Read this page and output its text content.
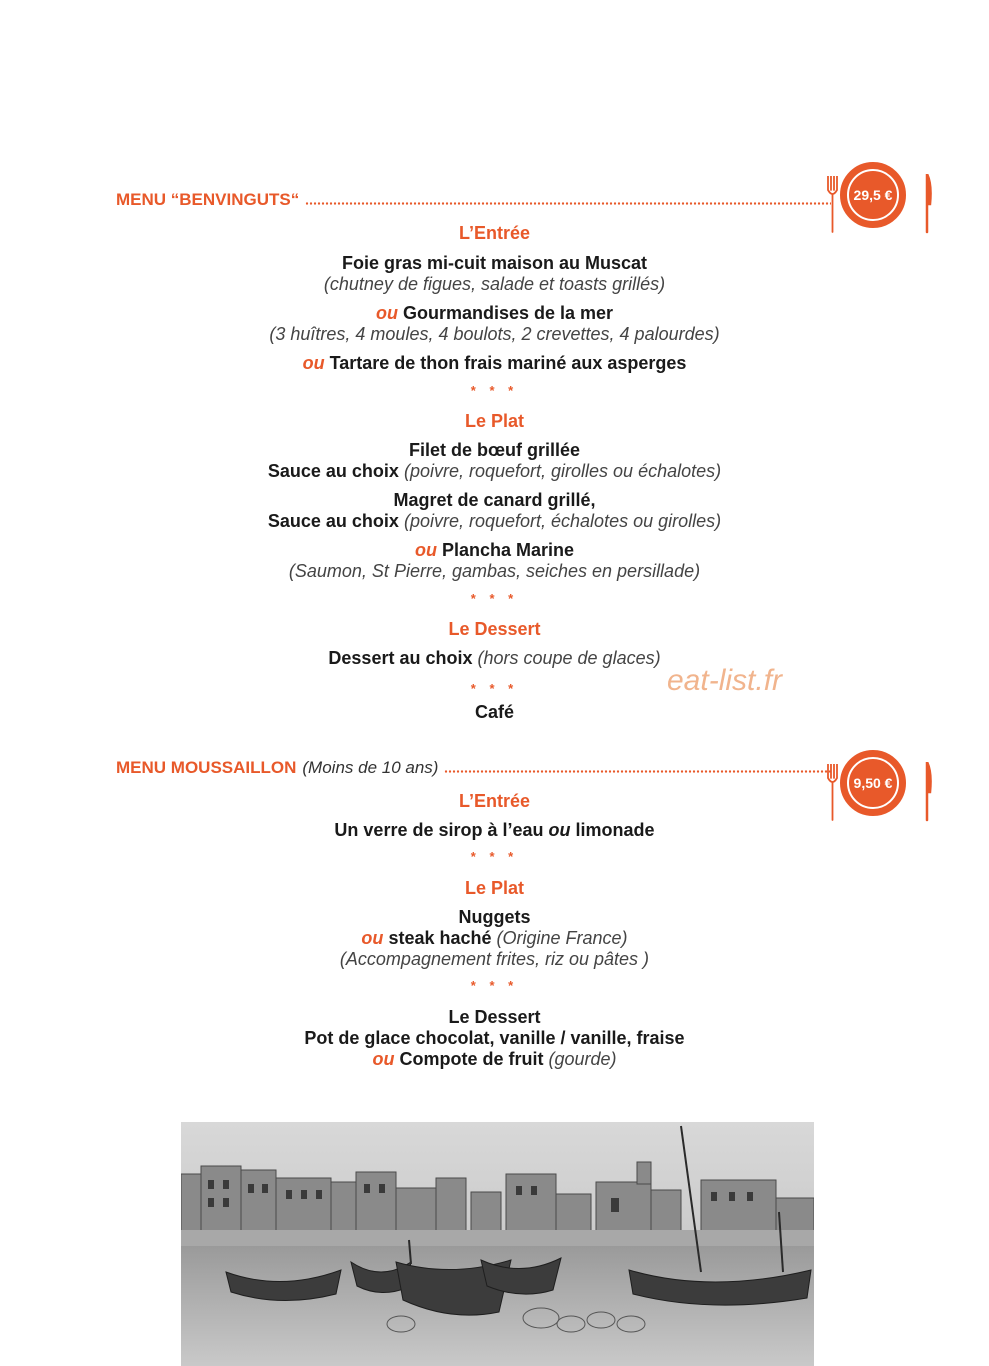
MENU “BENVINGUTS“	29,5 €
L’Entrée
Foie gras mi-cuit maison au Muscat
(chutney de figues, salade et toasts grillés)
ou Gourmandises de la mer
(3 huîtres, 4 moules, 4 boulots, 2 crevettes, 4 palourdes)
ou Tartare de thon frais mariné aux asperges
* * *
Le Plat
Filet de bœuf grillée
Sauce au choix (poivre, roquefort, girolles ou échalotes)
Magret de canard grillé,
Sauce au choix (poivre, roquefort, échalotes ou girolles)
ou Plancha Marine
(Saumon, St Pierre, gambas, seiches en persillade)
* * *
Le Dessert
Dessert au choix (hors coupe de glaces)
* * *
Café
eat-list.fr
MENU MOUSSAILLON (Moins de 10 ans)
9,50 €
L’Entrée
Un verre de sirop à l’eau ou limonade
* * *
Le Plat
Nuggets
ou steak haché (Origine France)
(Accompagnement frites, riz ou pâtes )
* * *
Le Dessert
Pot de glace chocolat, vanille / vanille, fraise
ou Compote de fruit (gourde)
